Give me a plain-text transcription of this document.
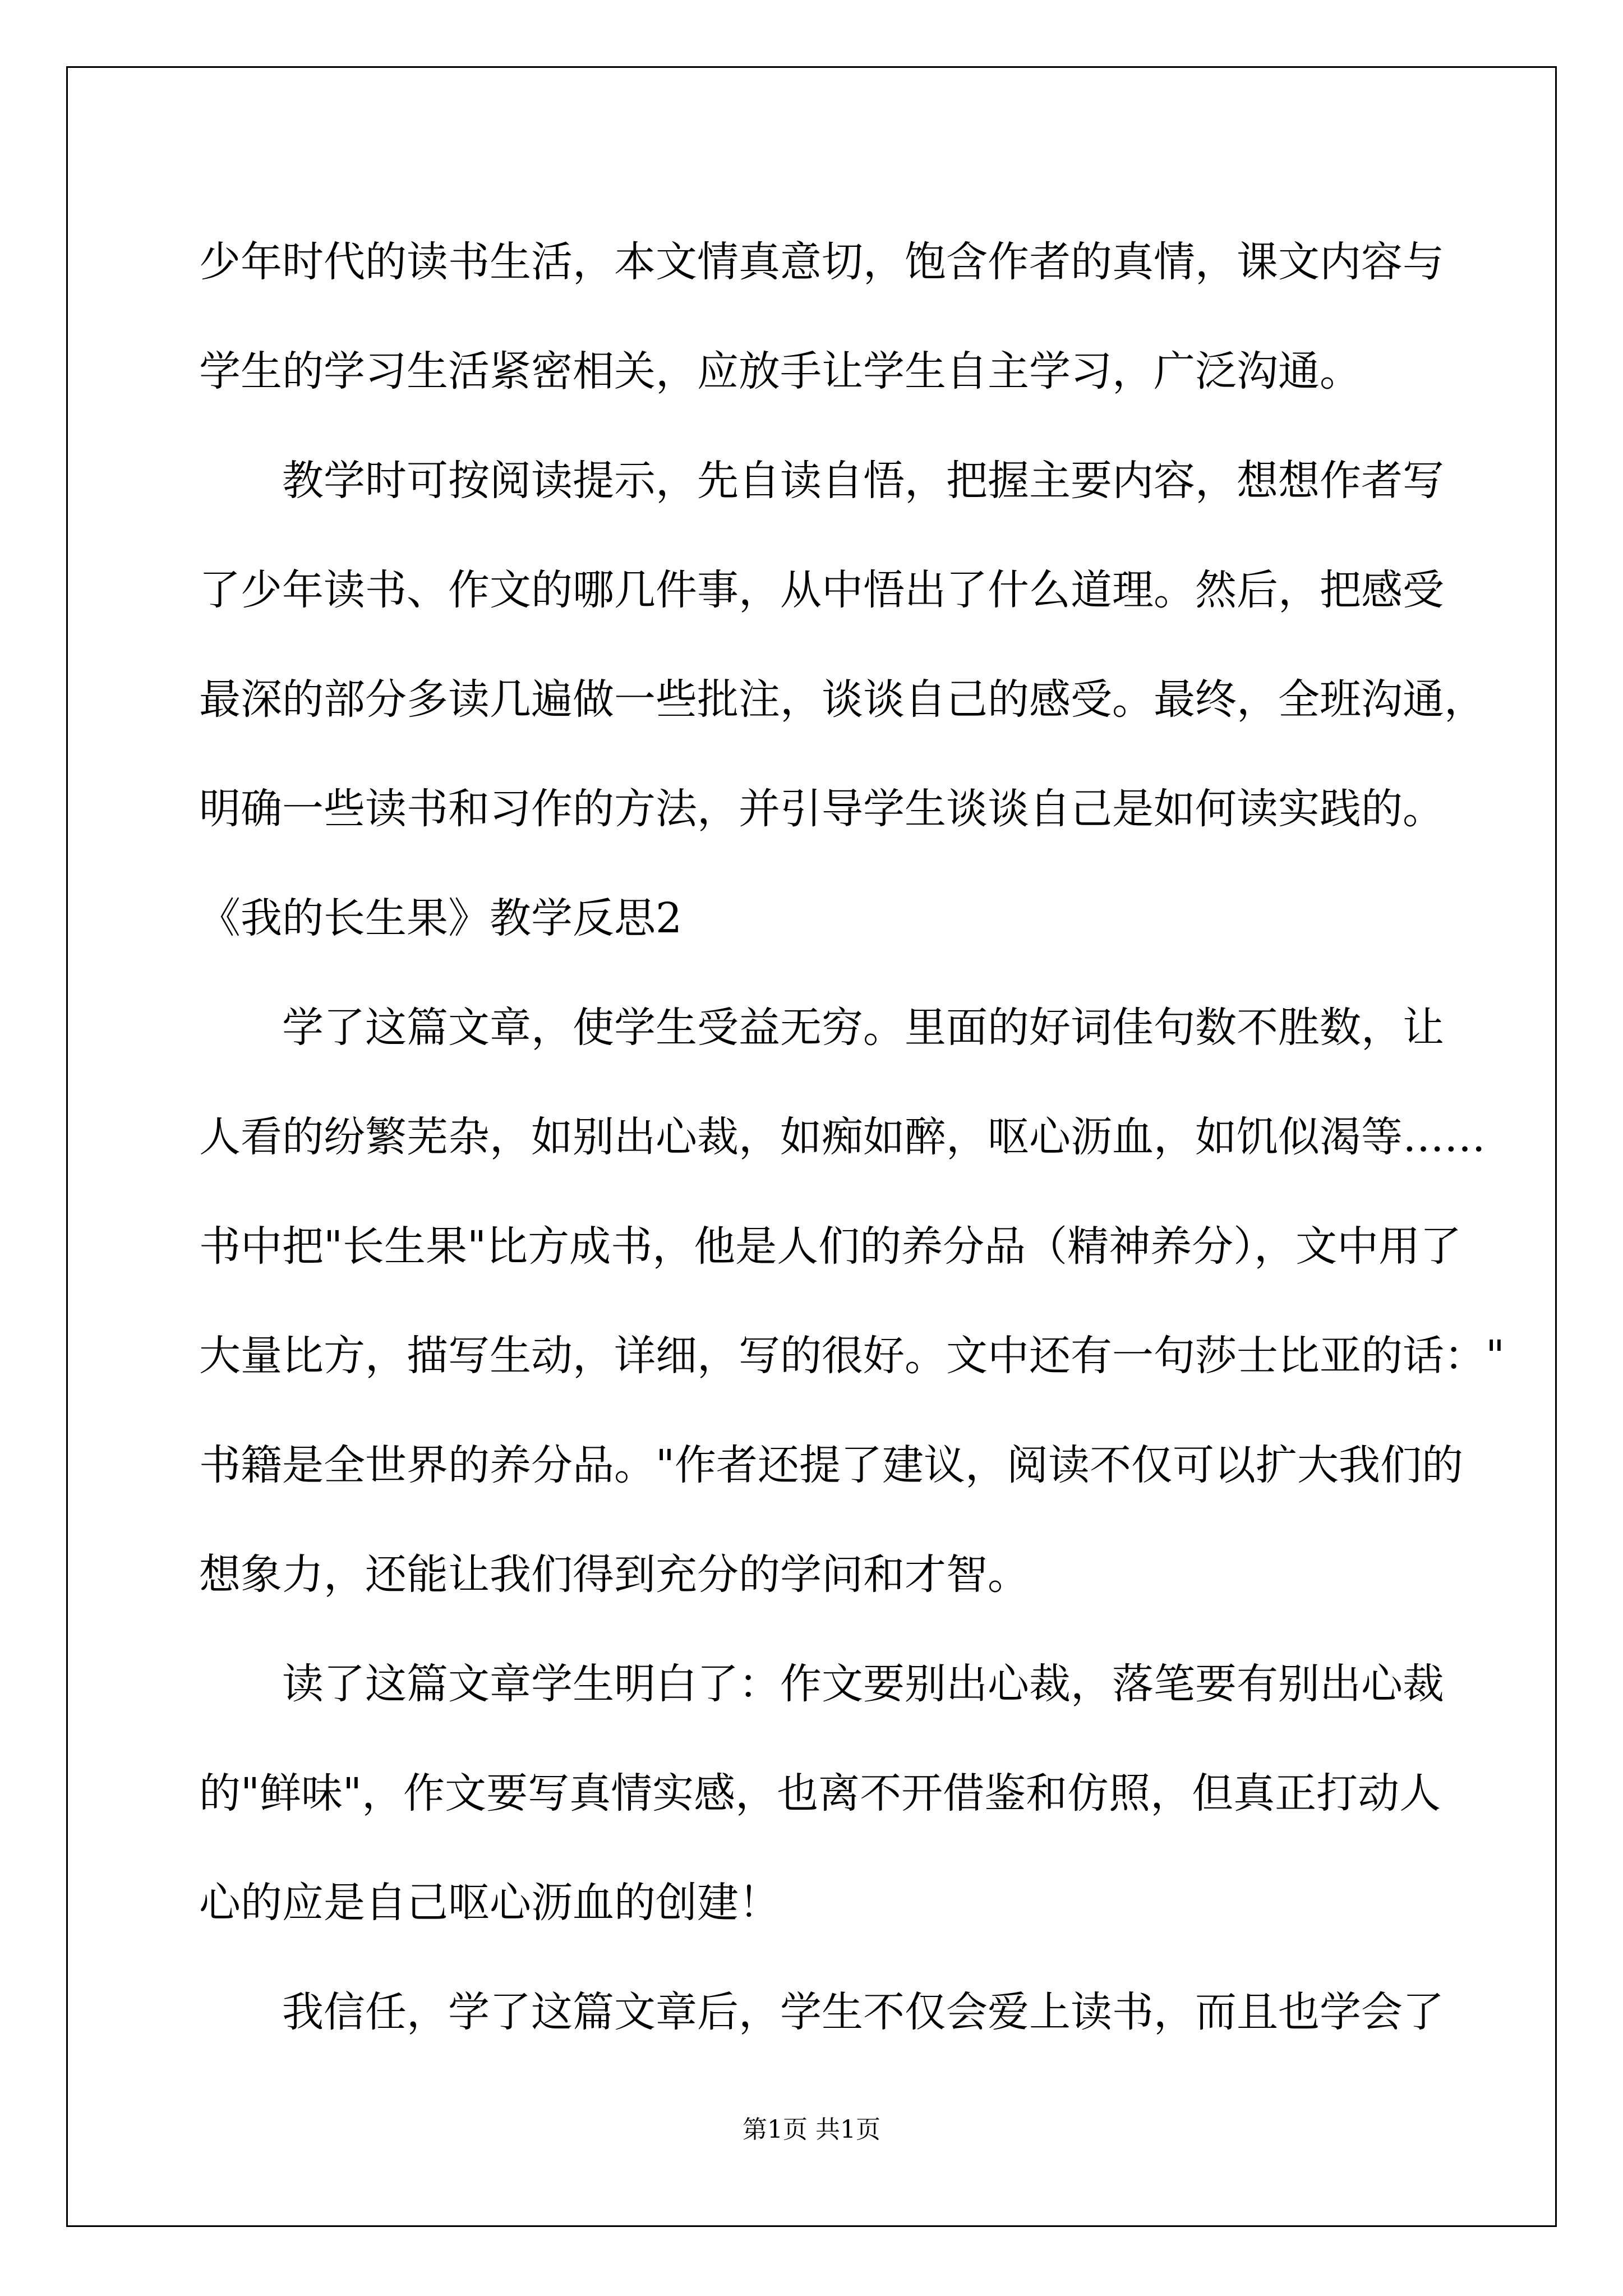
少年时代的读书生活，本文情真意切，饱含作者的真情，课文内容与
学生的学习生活紧密相关，应放手让学生自主学习，广泛沟通。
教学时可按阅读提示，先自读自悟，把握主要内容，想想作者写
了少年读书、作文的哪几件事，从中悟出了什么道理。然后，把感受
最深的部分多读几遍做一些批注，谈谈自己的感受。最终，全班沟通，
明确一些读书和习作的方法，并引导学生谈谈自己是如何读实践的。
《我的长生果》教学反思2
学了这篇文章，使学生受益无穷。里面的好词佳句数不胜数，让
人看的纷繁芜杂，如别出心裁，如痴如醉，呕心沥血，如饥似渴等……
书中把"长生果"比方成书，他是人们的养分品（精神养分），文中用了
大量比方，描写生动，详细，写的很好。文中还有一句莎士比亚的话："
书籍是全世界的养分品。"作者还提了建议，阅读不仅可以扩大我们的
想象力，还能让我们得到充分的学问和才智。
读了这篇文章学生明白了：作文要别出心裁，落笔要有别出心裁
的"鲜味"，作文要写真情实感，也离不开借鉴和仿照，但真正打动人
心的应是自己呕心沥血的创建！
我信任，学了这篇文章后，学生不仅会爱上读书，而且也学会了
第1页 共1页
